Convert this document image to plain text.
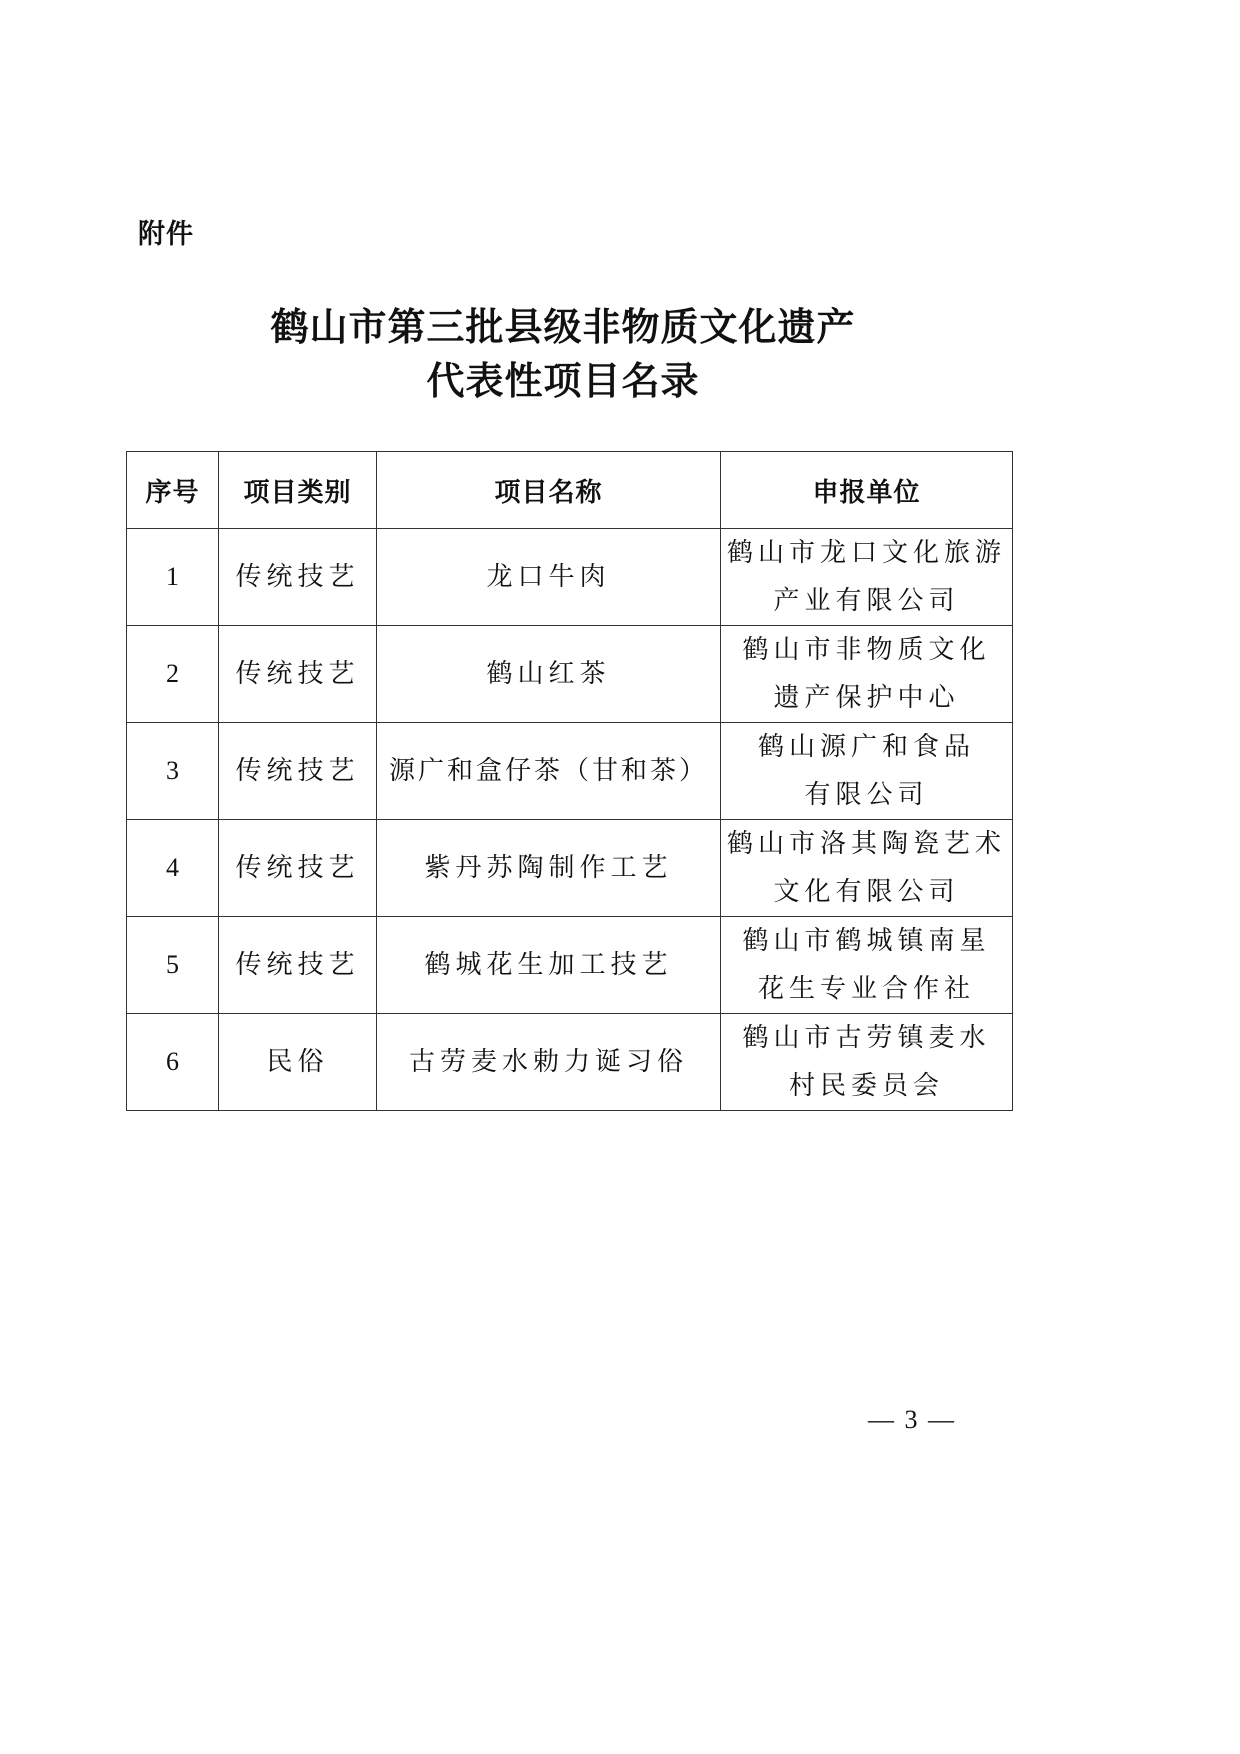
附件
鹤山市第三批县级非物质文化遗产
代表性项目名录
序号	项目类别	项目名称	申报单位
1	传统技艺	龙口牛肉	鹤山市龙口文化旅游
产业有限公司

2	传统技艺	鹤山红茶	鹤山市非物质文化
遗产保护中心

3	传统技艺	源广和盒仔茶（甘和茶）	鹤山源广和食品
有限公司

4	传统技艺	紫丹苏陶制作工艺	鹤山市洛其陶瓷艺术
文化有限公司

5	传统技艺	鹤城花生加工技艺	鹤山市鹤城镇南星
花生专业合作社

6	民俗	古劳麦水勅力诞习俗	鹤山市古劳镇麦水
村民委员会
— 3 —
